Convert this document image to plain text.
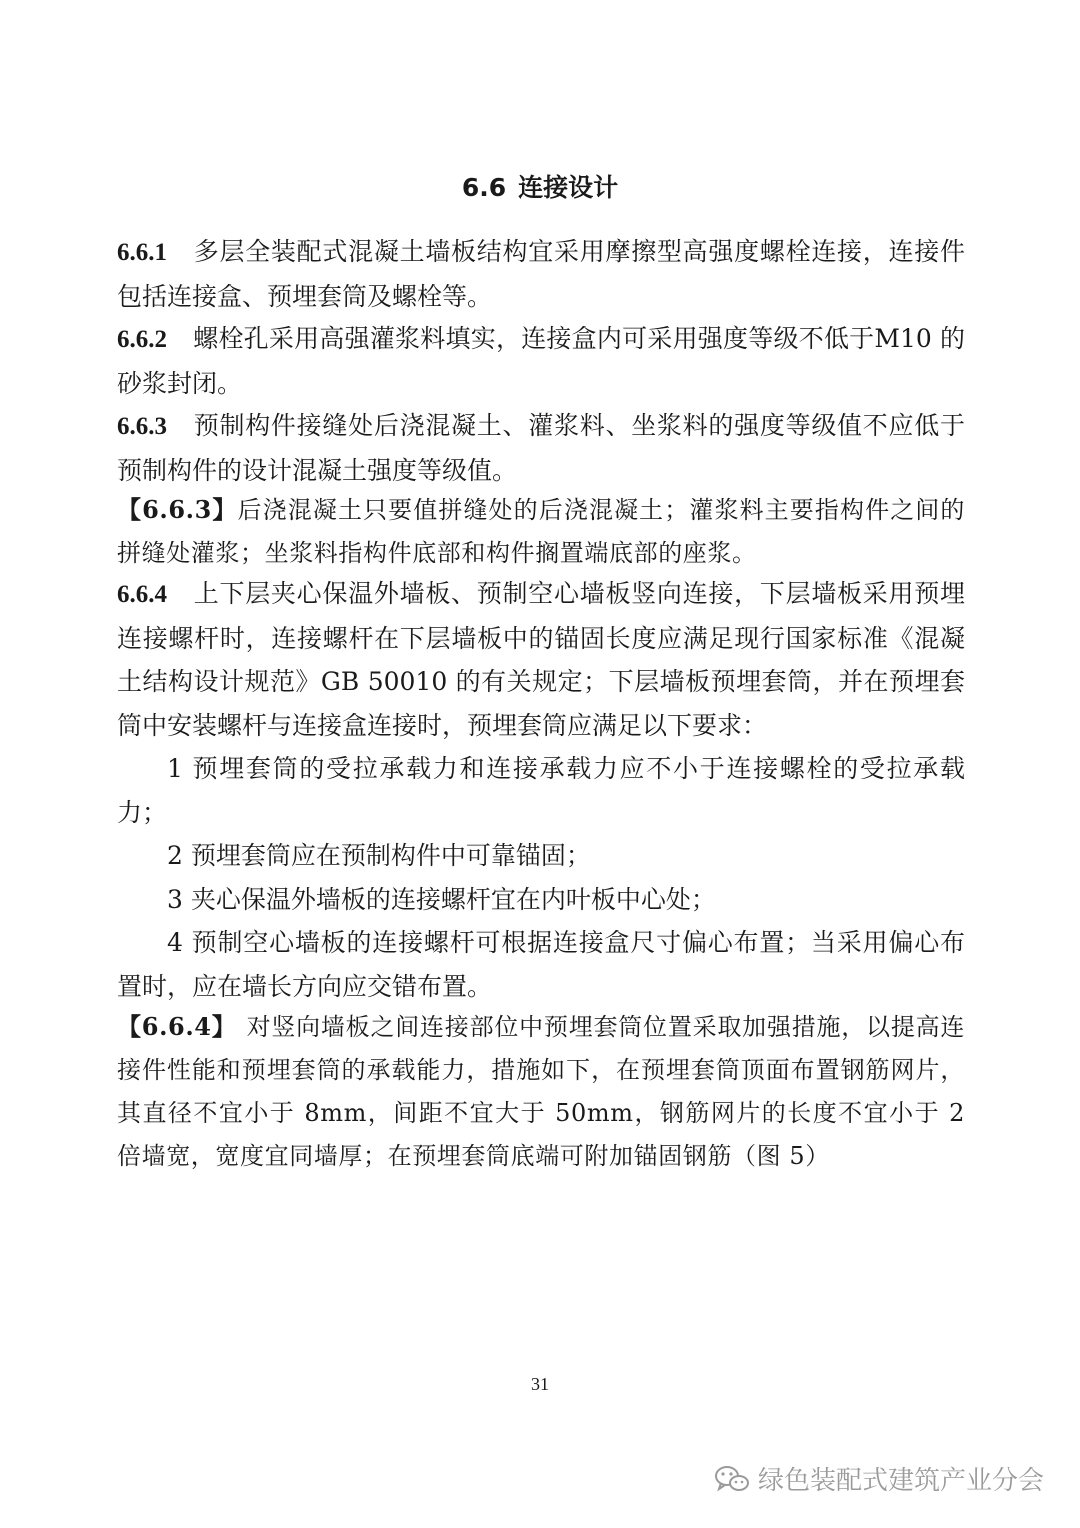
6.6 连接设计

6.6.1 多层全装配式混凝土墙板结构宜采用摩擦型高强度螺栓连接，连接件包括连接盒、预埋套筒及螺栓等。

6.6.2 螺栓孔采用高强灌浆料填实，连接盒内可采用强度等级不低于M10 的砂浆封闭。

6.6.3 预制构件接缝处后浇混凝土、灌浆料、坐浆料的强度等级值不应低于预制构件的设计混凝土强度等级值。

【6.6.3】后浇混凝土只要值拼缝处的后浇混凝土；灌浆料主要指构件之间的拼缝处灌浆；坐浆料指构件底部和构件搁置端底部的座浆。

6.6.4 上下层夹心保温外墙板、预制空心墙板竖向连接，下层墙板采用预埋连接螺杆时，连接螺杆在下层墙板中的锚固长度应满足现行国家标准《混凝土结构设计规范》GB 50010 的有关规定；下层墙板预埋套筒，并在预埋套筒中安装螺杆与连接盒连接时，预埋套筒应满足以下要求：

1 预埋套筒的受拉承载力和连接承载力应不小于连接螺栓的受拉承载力；

2 预埋套筒应在预制构件中可靠锚固；

3 夹心保温外墙板的连接螺杆宜在内叶板中心处；

4 预制空心墙板的连接螺杆可根据连接盒尺寸偏心布置；当采用偏心布置时，应在墙长方向应交错布置。

【6.6.4】 对竖向墙板之间连接部位中预埋套筒位置采取加强措施，以提高连接件性能和预埋套筒的承载能力，措施如下，在预埋套筒顶面布置钢筋网片，其直径不宜小于 8mm，间距不宜大于 50mm，钢筋网片的长度不宜小于 2 倍墙宽，宽度宜同墙厚；在预埋套筒底端可附加锚固钢筋（图 5）

31
绿色装配式建筑产业分会
